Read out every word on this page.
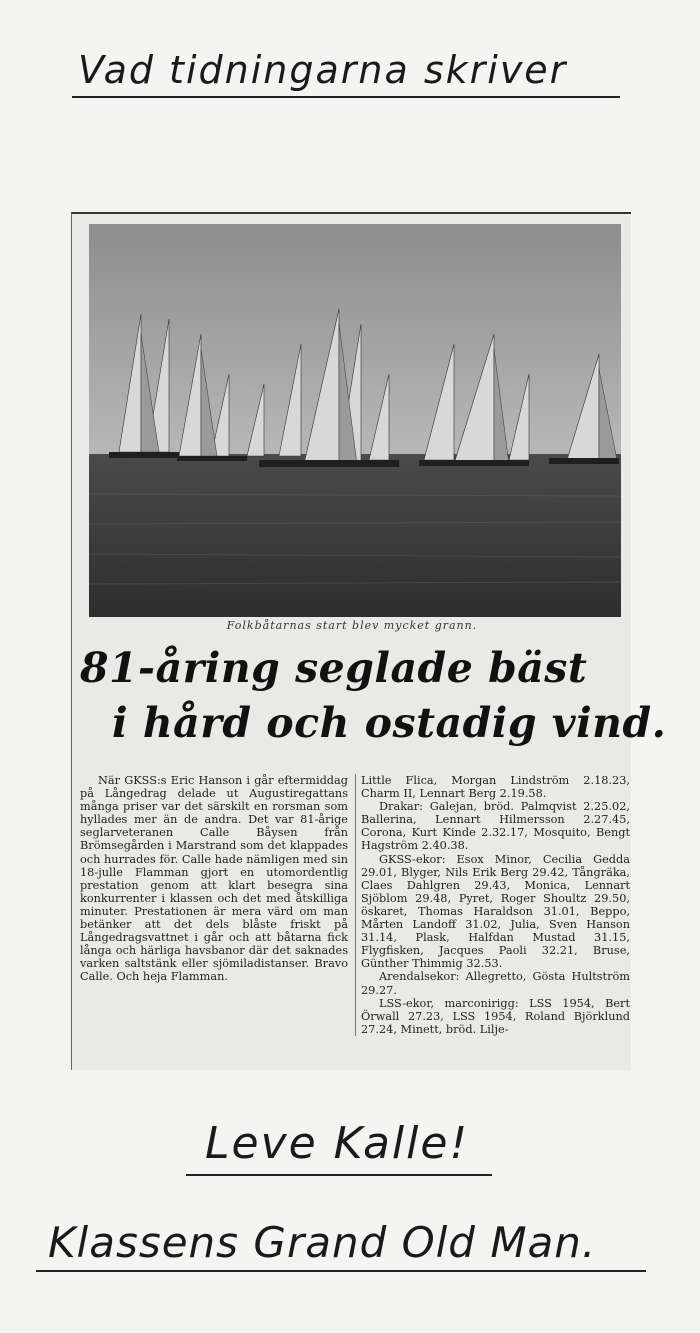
Vad tidningarna skriver
Folkbåtarnas start blev mycket grann.
81-åring seglade bäst
i hård och ostadig vind.

När GKSS:s Eric Hanson i går eftermiddag på Långedrag delade ut Augustiregattans många priser var det särskilt en rorsman som hyllades mer än de andra. Det var 81-årige seglarveteranen Calle Båysen från Brömsegården i Marstrand som det klappades och hurrades för. Calle hade nämligen med sin 18-julle Flamman gjort en utomordentlig prestation genom att klart besegra sina konkurrenter i klassen och det med åtskilliga minuter. Prestationen är mera värd om man betänker att det dels blåste friskt på Långedragsvattnet i går och att båtarna fick långa och härliga havsbanor där det saknades varken saltstänk eller sjömiladistanser. Bravo Calle. Och heja Flamman.

Little Flica, Morgan Lindström 2.18.23, Charm II, Lennart Berg 2.19.58.

Drakar: Galejan, bröd. Palmqvist 2.25.02, Ballerina, Lennart Hilmersson 2.27.45, Corona, Kurt Kinde 2.32.17, Mosquito, Bengt Hagström 2.40.38.

GKSS-ekor: Esox Minor, Cecilia Gedda 29.01, Blyger, Nils Erik Berg 29.42, Tångräka, Claes Dahlgren 29.43, Monica, Lennart Sjöblom 29.48, Pyret, Roger Shoultz 29.50, öskaret, Thomas Haraldson 31.01, Beppo, Mårten Landoff 31.02, Julia, Sven Hanson 31.14, Plask, Halfdan Mustad 31.15, Flygfisken, Jacques Paoli 32.21, Bruse, Günther Thimmig 32.53.

Arendalsekor: Allegretto, Gösta Hultström 29.27.

LSS-ekor, marconirigg: LSS 1954, Bert Örwall 27.23, LSS 1954, Roland Björklund 27.24, Minett, bröd. Lilje-

Leve Kalle!
Klassens Grand Old Man.
